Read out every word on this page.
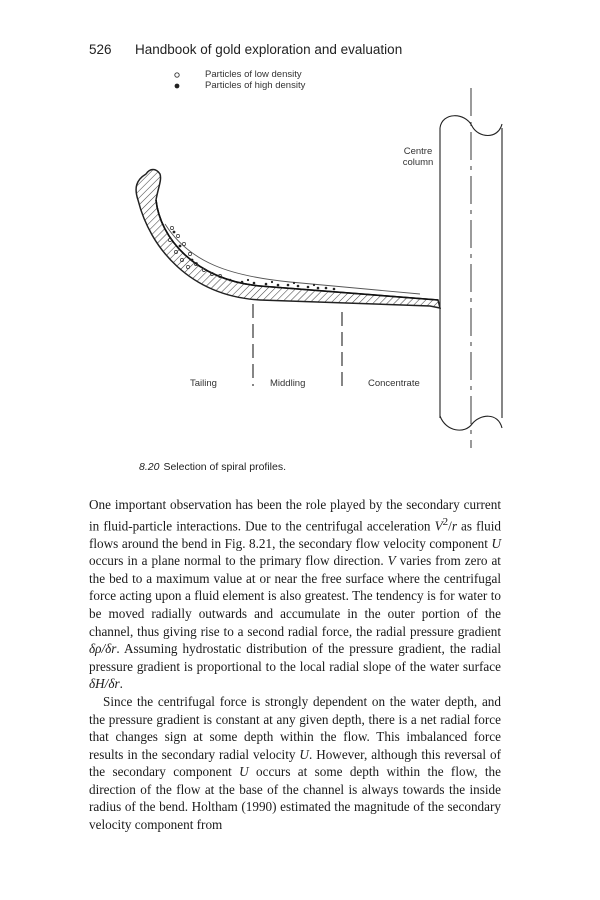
526 Handbook of gold exploration and evaluation
Particles of low density
Particles of high density
Centre column
Tailing	Middling	Concentrate
8.20 Selection of spiral profiles.

One important observation has been the role played by the secondary current in fluid-particle interactions. Due to the centrifugal acceleration $V^2/r$ as fluid flows around the bend in Fig. 8.21, the secondary flow velocity component U occurs in a plane normal to the primary flow direction. V varies from zero at the bed to a maximum value at or near the free surface where the centrifugal force acting upon a fluid element is also greatest. The tendency is for water to be moved radially outwards and accumulate in the outer portion of the channel, thus giving rise to a second radial force, the radial pressure gradient δρ/δr. Assuming hydrostatic distribution of the pressure gradient, the radial pressure gradient is proportional to the local radial slope of the water surface δH/δr.

Since the centrifugal force is strongly dependent on the water depth, and the pressure gradient is constant at any given depth, there is a net radial force that changes sign at some depth within the flow. This imbalanced force results in the secondary radial velocity U. However, although this reversal of the secondary component U occurs at some depth within the flow, the direction of the flow at the base of the channel is always towards the inside radius of the bend. Holtham (1990) estimated the magnitude of the secondary velocity component from
